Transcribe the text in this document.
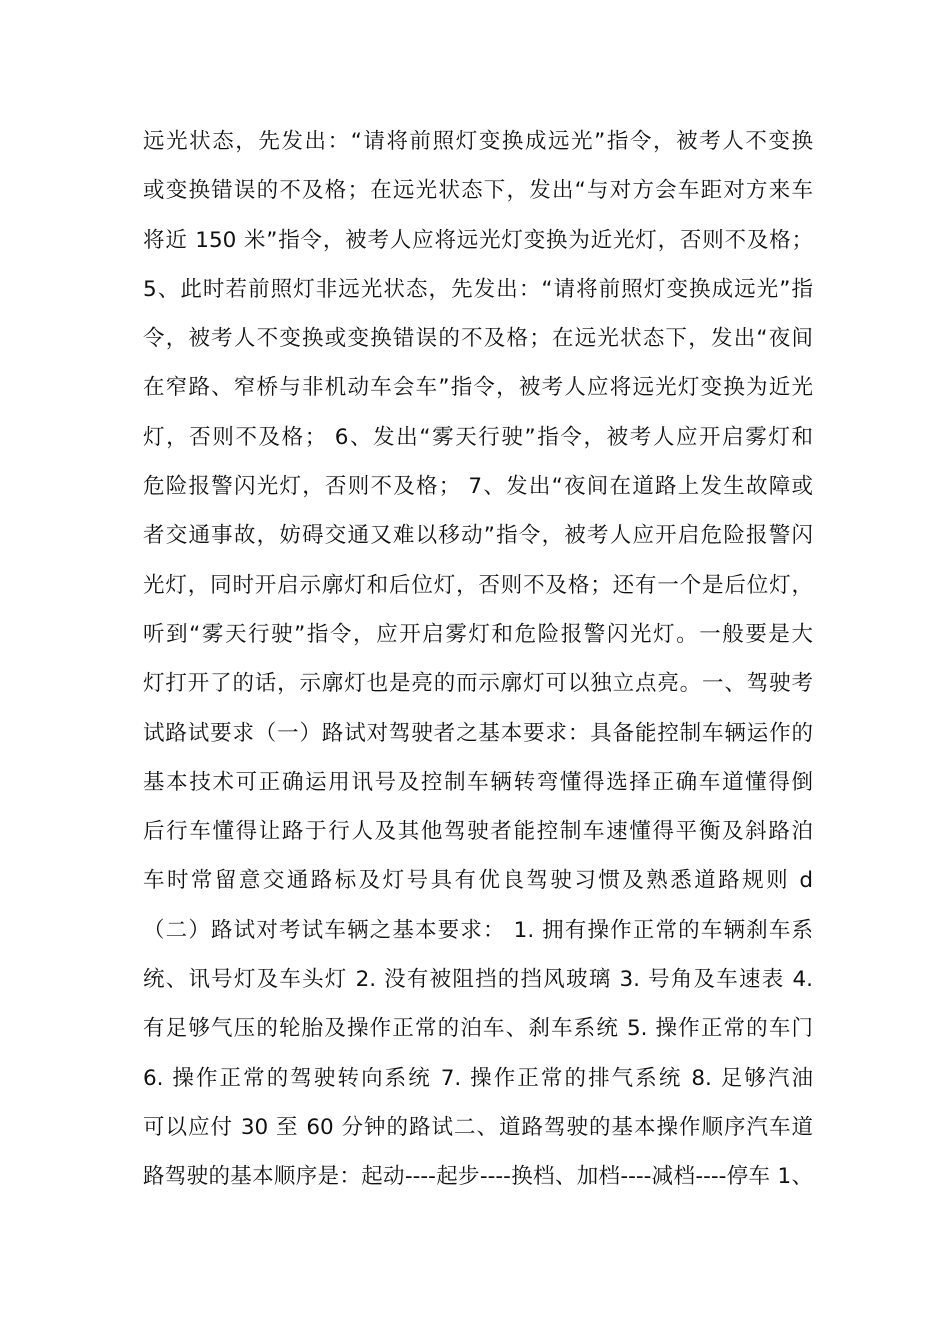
远光状态，先发出：“请将前照灯变换成远光”指令，被考人不变换
或变换错误的不及格；在远光状态下，发出“与对方会车距对方来车
将近 150 米”指令，被考人应将远光灯变换为近光灯，否则不及格；
5、此时若前照灯非远光状态，先发出：“请将前照灯变换成远光”指
令，被考人不变换或变换错误的不及格；在远光状态下，发出“夜间
在窄路、窄桥与非机动车会车”指令，被考人应将远光灯变换为近光
灯，否则不及格； 6、发出“雾天行驶”指令，被考人应开启雾灯和
危险报警闪光灯，否则不及格； 7、发出“夜间在道路上发生故障或
者交通事故，妨碍交通又难以移动”指令，被考人应开启危险报警闪
光灯，同时开启示廓灯和后位灯，否则不及格；还有一个是后位灯，
听到“雾天行驶”指令，应开启雾灯和危险报警闪光灯。一般要是大
灯打开了的话，示廓灯也是亮的而示廓灯可以独立点亮。一、驾驶考
试路试要求（一）路试对驾驶者之基本要求：具备能控制车辆运作的
基本技术可正确运用讯号及控制车辆转弯懂得选择正确车道懂得倒
后行车懂得让路于行人及其他驾驶者能控制车速懂得平衡及斜路泊
车时常留意交通路标及灯号具有优良驾驶习惯及熟悉道路规则 d
（二）路试对考试车辆之基本要求： 1. 拥有操作正常的车辆刹车系
统、讯号灯及车头灯 2. 没有被阻挡的挡风玻璃 3. 号角及车速表 4.
有足够气压的轮胎及操作正常的泊车、刹车系统 5. 操作正常的车门
6. 操作正常的驾驶转向系统 7. 操作正常的排气系统 8. 足够汽油
可以应付 30 至 60 分钟的路试二、道路驾驶的基本操作顺序汽车道
路驾驶的基本顺序是：起动----起步----换档、加档----减档----停车 1、
